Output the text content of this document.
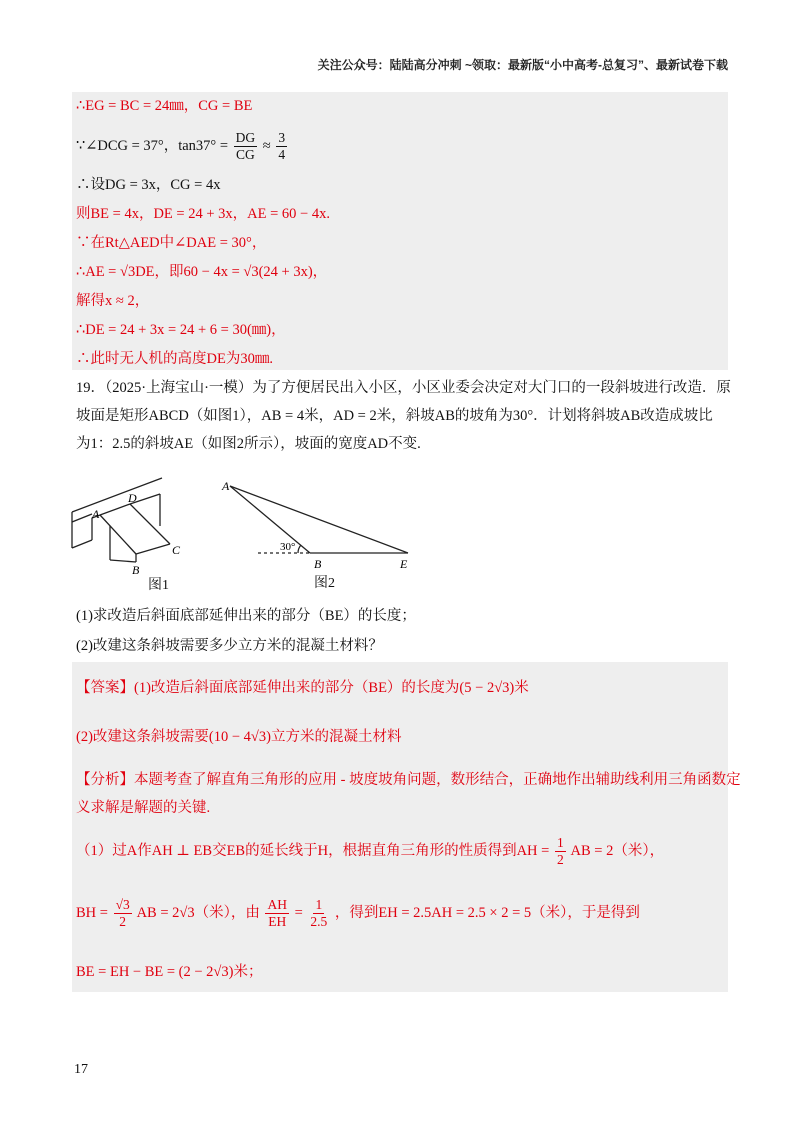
关注公众号：陆陆高分冲刺 ~领取：最新版“小中高考-总复习”、最新试卷下载
∴EG = BC = 24㎜，CG = BE
∵∠DCG = 37°，$\tan 37^\circ = \frac{DG}{CG} \approx \frac{3}{4}$
∴设DG = 3x，CG = 4x
则BE = 4x，DE = 24 + 3x，AE = 60 − 4x.
∵在Rt△AED中∠DAE = 30°，
∴AE = √3DE，即60 − 4x = √3(24 + 3x)，
解得x ≈ 2，
∴DE = 24 + 3x = 24 + 6 = 30(㎜)，
∴此时无人机的高度DE为30㎜.
19．（2025·上海宝山·一模）为了方便居民出入小区，小区业委会决定对大门口的一段斜坡进行改造．原
坡面是矩形ABCD（如图1），AB = 4米，AD = 2米，斜坡AB的坡角为30°．计划将斜坡AB改造成坡比
为1：2.5的斜坡AE（如图2所示），坡面的宽度AD不变.
A
B
C
D
图1
A
B	E
30°
图2
(1)求改造后斜面底部延伸出来的部分（BE）的长度；
(2)改建这条斜坡需要多少立方米的混凝土材料？
【答案】(1)改造后斜面底部延伸出来的部分（BE）的长度为(5 − 2√3)米
(2)改建这条斜坡需要(10 − 4√3)立方米的混凝土材料
【分析】本题考查了解直角三角形的应用 - 坡度坡角问题，数形结合，正确地作出辅助线利用三角函数定
义求解是解题的关键.
（1）过A作AH ⊥ EB交EB的延长线于H，根据直角三角形的性质得到AH = $\frac{1}{2}$ AB = 2（米），
BH = $\frac{√3}{2}$ AB = 2√3（米），由 $\frac{AH}{EH} = \frac{1}{2.5}$ ，得到EH = 2.5AH = 2.5 × 2 = 5（米），于是得到
BE = EH − BE = (2 − 2√3)米；
17
